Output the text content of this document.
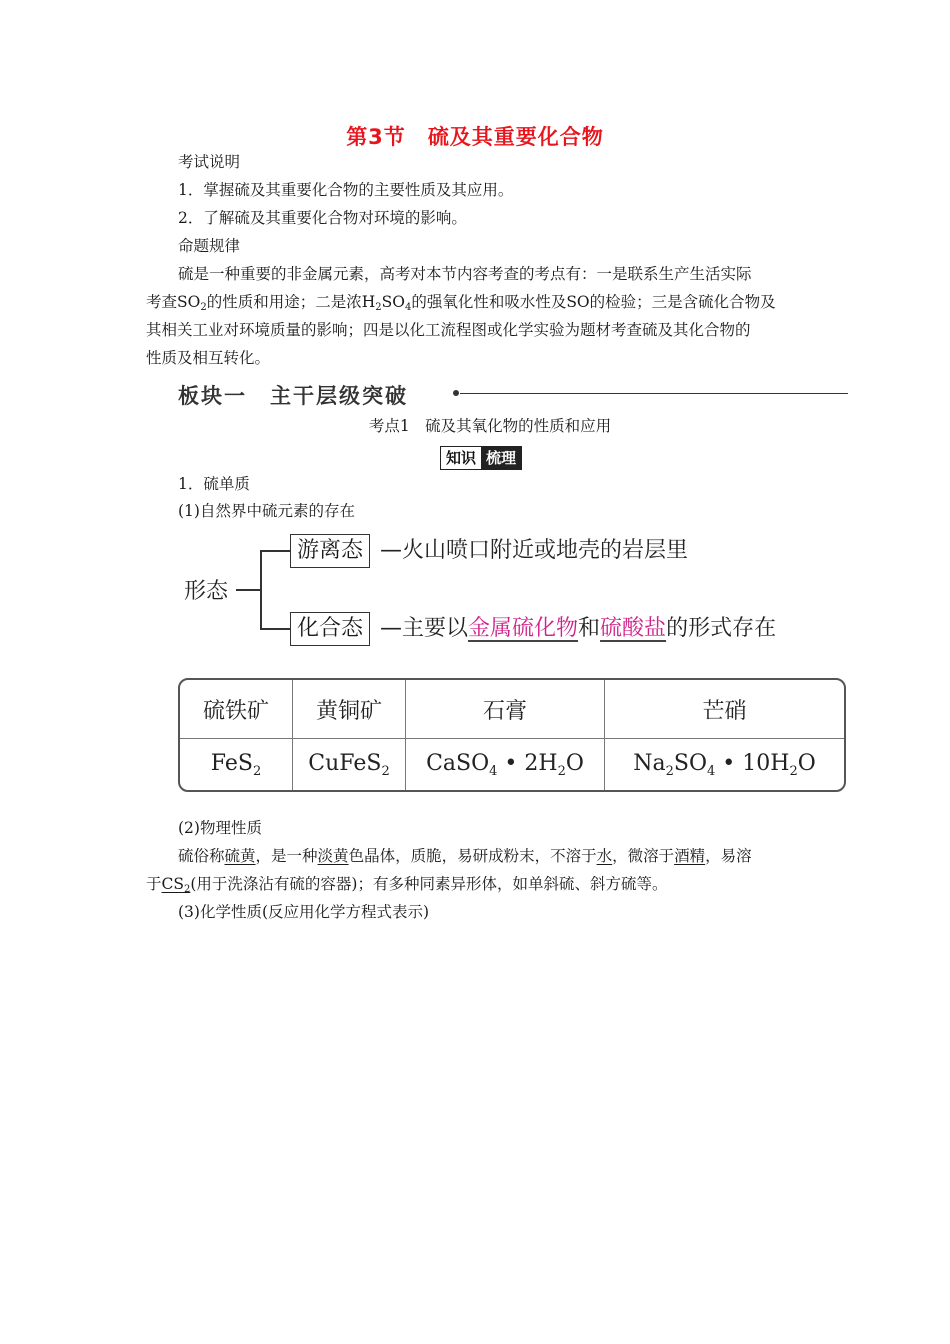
第3节 硫及其重要化合物
考试说明
1．掌握硫及其重要化合物的主要性质及其应用。
2．了解硫及其重要化合物对环境的影响。
命题规律
硫是一种重要的非金属元素，高考对本节内容考查的考点有：一是联系生产生活实际
考查$SO_2$的性质和用途；二是浓$H_2SO_4$的强氧化性和吸水性及SO的检验；三是含硫化合物及
其相关工业对环境质量的影响；四是以化工流程图或化学实验为题材考查硫及其化合物的
性质及相互转化。
板块一　主干层级突破
考点1　硫及其氧化物的性质和应用
知识 梳理
1．硫单质
(1)自然界中硫元素的存在
形态
游离态 —火山喷口附近或地壳的岩层里
化合态 —主要以金属硫化物和硫酸盐的形式存在
硫铁矿	黄铜矿	石膏	芒硝
FeS$_2$	CuFeS$_2$	CaSO$_4$ • $2H_2O$	$Na_2SO_4$ • $10H_2O$
(2)物理性质
硫俗称硫黄，是一种淡黄色晶体，质脆，易研成粉末，不溶于水，微溶于酒精，易溶
于$CS_2$(用于洗涤沾有硫的容器)；有多种同素异形体，如单斜硫、斜方硫等。
(3)化学性质(反应用化学方程式表示)
